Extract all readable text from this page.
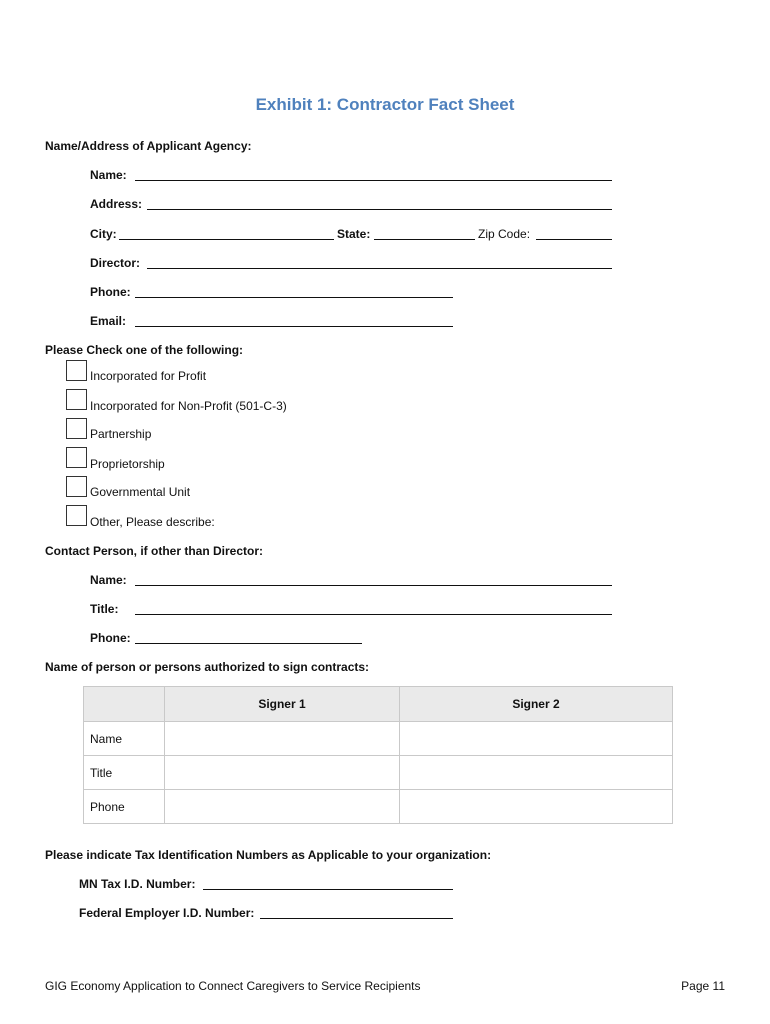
Exhibit 1: Contractor Fact Sheet
Name/Address of Applicant Agency:
Name:
Address:
City:	State:	Zip Code:
Director:
Phone:
Email:
Please Check one of the following:
Incorporated for Profit
Incorporated for Non-Profit (501-C-3)
Partnership
Proprietorship
Governmental Unit
Other, Please describe:
Contact Person, if other than Director:
Name:
Title:
Phone:
Name of person or persons authorized to sign contracts:
	Signer 1	Signer 2
Name		
Title		
Phone		
Please indicate Tax Identification Numbers as Applicable to your organization:
MN Tax I.D. Number:
Federal Employer I.D. Number:
GIG Economy Application to Connect Caregivers to Service Recipients	Page 11
